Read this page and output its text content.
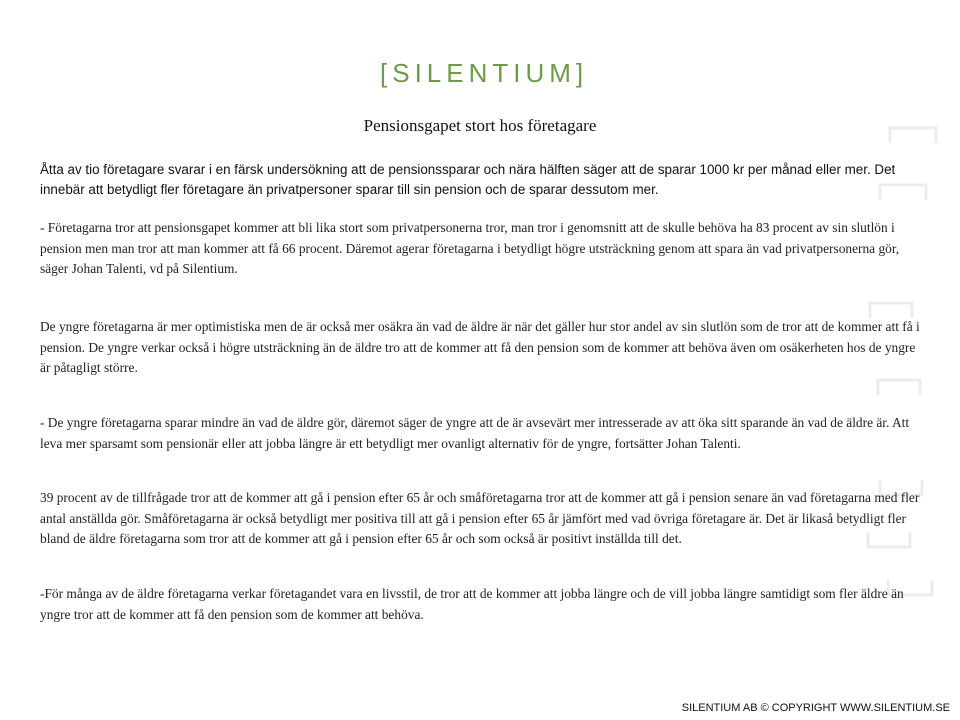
[SILENTIUM]
Pensionsgapet stort hos företagare
Åtta av tio företagare svarar i en färsk undersökning att de pensionssparar och nära hälften säger att de sparar 1000 kr per månad eller mer. Det innebär att betydligt fler företagare än privatpersoner sparar till sin pension och de sparar dessutom mer.
- Företagarna tror att pensionsgapet kommer att bli lika stort som privatpersonerna tror, man tror i genomsnitt att de skulle behöva ha 83 procent av sin slutlön i pension men man tror att man kommer att få 66 procent. Däremot agerar företagarna i betydligt högre utsträckning genom att spara än vad privatpersonerna gör, säger Johan Talenti, vd på Silentium.
De yngre företagarna är mer optimistiska men de är också mer osäkra än vad de äldre är när det gäller hur stor andel av sin slutlön som de tror att de kommer att få i pension. De yngre verkar också i högre utsträckning än de äldre tro att de kommer att få den pension som de kommer att behöva även om osäkerheten hos de yngre är påtagligt större.
- De yngre företagarna sparar mindre än vad de äldre gör, däremot säger de yngre att de är avsevärt mer intresserade av att öka sitt sparande än vad de äldre är. Att leva mer sparsamt som pensionär eller att jobba längre är ett betydligt mer ovanligt alternativ för de yngre, fortsätter Johan Talenti.
39 procent av de tillfrågade tror att de kommer att gå i pension efter 65 år och småföretagarna tror att de kommer att gå i pension senare än vad företagarna med fler antal anställda gör. Småföretagarna är också betydligt mer positiva till att gå i pension efter 65 år jämfört med vad övriga företagare är. Det är likaså betydligt fler bland de äldre företagarna som tror att de kommer att gå i pension efter 65 år och som också är positivt inställda till det.
-För många av de äldre företagarna verkar företagandet vara en livsstil, de tror att de kommer att jobba längre och de vill jobba längre samtidigt som fler äldre än yngre tror att de kommer att få den pension som de kommer att behöva.
SILENTIUM AB © COPYRIGHT WWW.SILENTIUM.SE
